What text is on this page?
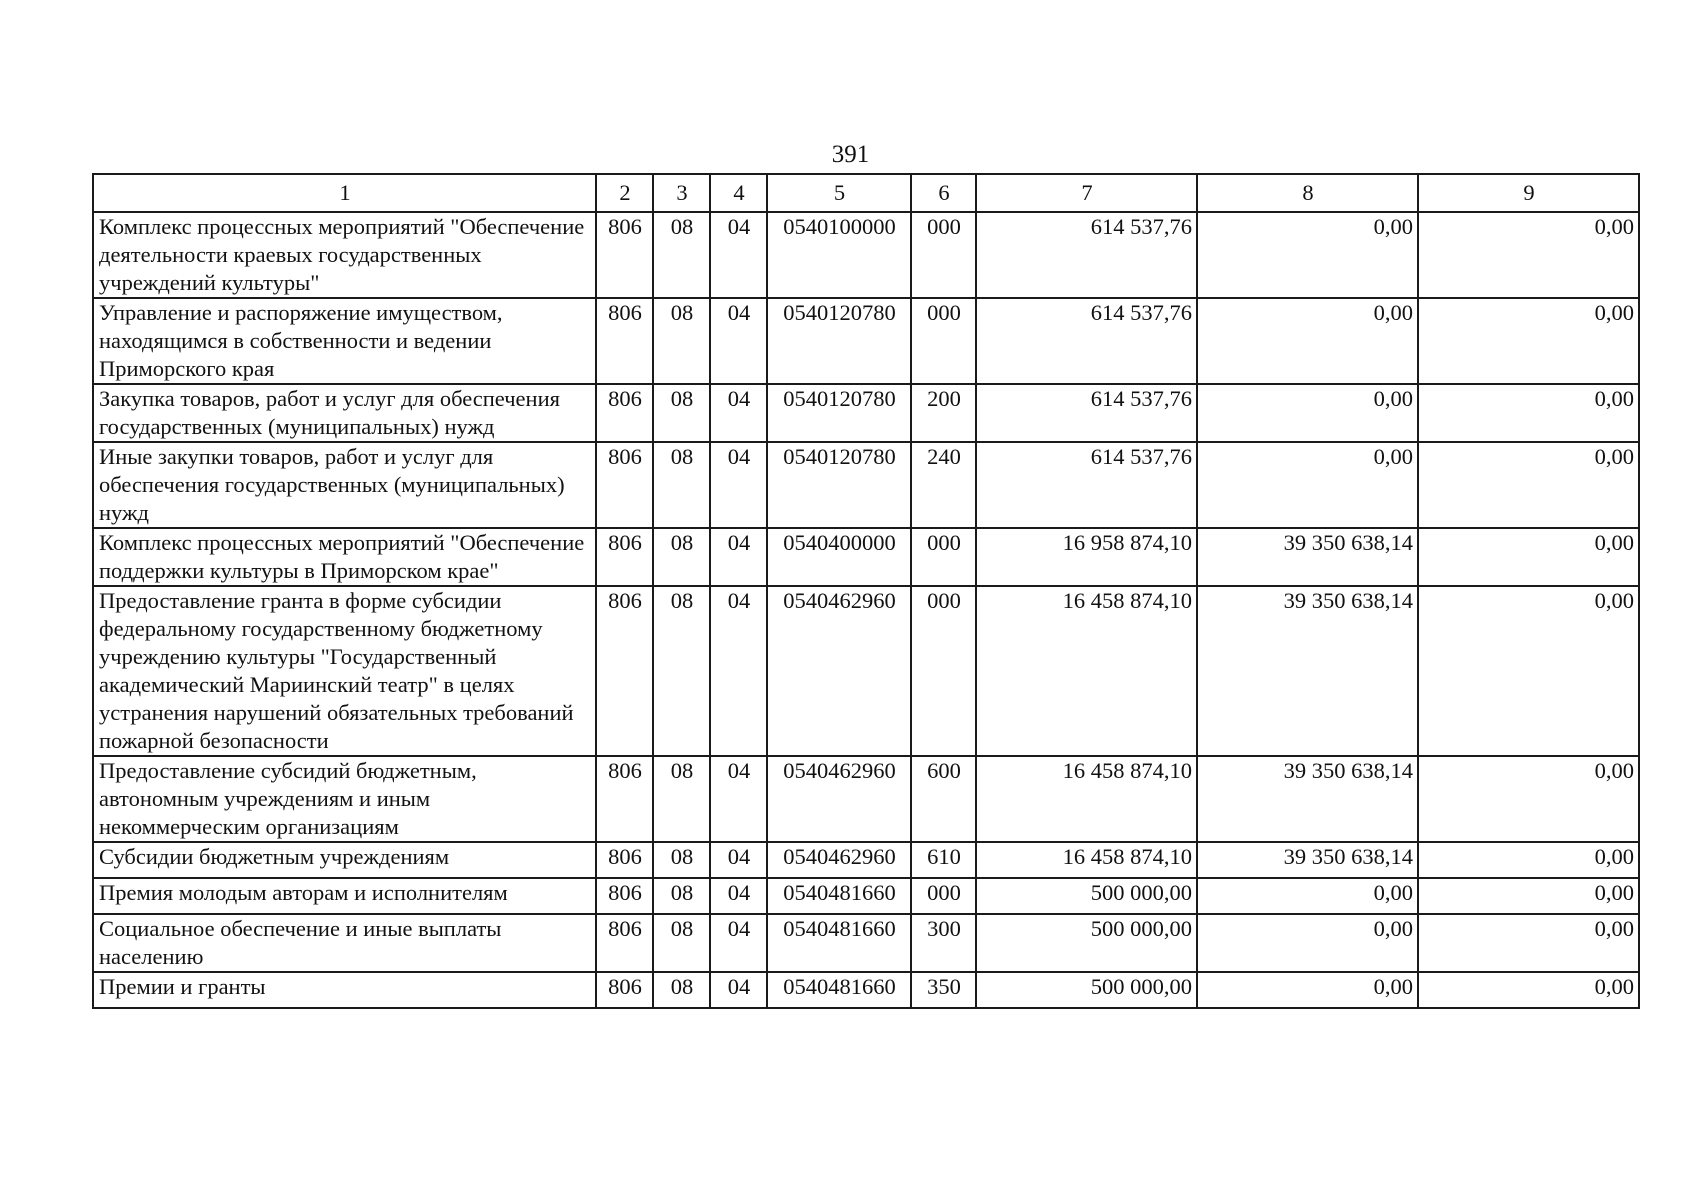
391
1	2	3	4	5	6	7	8	9
Комплекс процессных мероприятий "Обеспечение деятельности краевых государственных учреждений культуры"	806	08	04	0540100000	000	614 537,76	0,00	0,00
Управление и распоряжение имуществом, находящимся в собственности и ведении Приморского края	806	08	04	0540120780	000	614 537,76	0,00	0,00
Закупка товаров, работ и услуг для обеспечения государственных (муниципальных) нужд	806	08	04	0540120780	200	614 537,76	0,00	0,00
Иные закупки товаров, работ и услуг для обеспечения государственных (муниципальных) нужд	806	08	04	0540120780	240	614 537,76	0,00	0,00
Комплекс процессных мероприятий "Обеспечение поддержки культуры в Приморском крае"	806	08	04	0540400000	000	16 958 874,10	39 350 638,14	0,00
Предоставление гранта в форме субсидии федеральному государственному бюджетному учреждению культуры "Государственный академический Мариинский театр" в целях устранения нарушений обязательных требований пожарной безопасности	806	08	04	0540462960	000	16 458 874,10	39 350 638,14	0,00
Предоставление субсидий бюджетным, автономным учреждениям и иным некоммерческим организациям	806	08	04	0540462960	600	16 458 874,10	39 350 638,14	0,00
Субсидии бюджетным учреждениям	806	08	04	0540462960	610	16 458 874,10	39 350 638,14	0,00
Премия молодым авторам и исполнителям	806	08	04	0540481660	000	500 000,00	0,00	0,00
Социальное обеспечение и иные выплаты населению	806	08	04	0540481660	300	500 000,00	0,00	0,00
Премии и гранты	806	08	04	0540481660	350	500 000,00	0,00	0,00
